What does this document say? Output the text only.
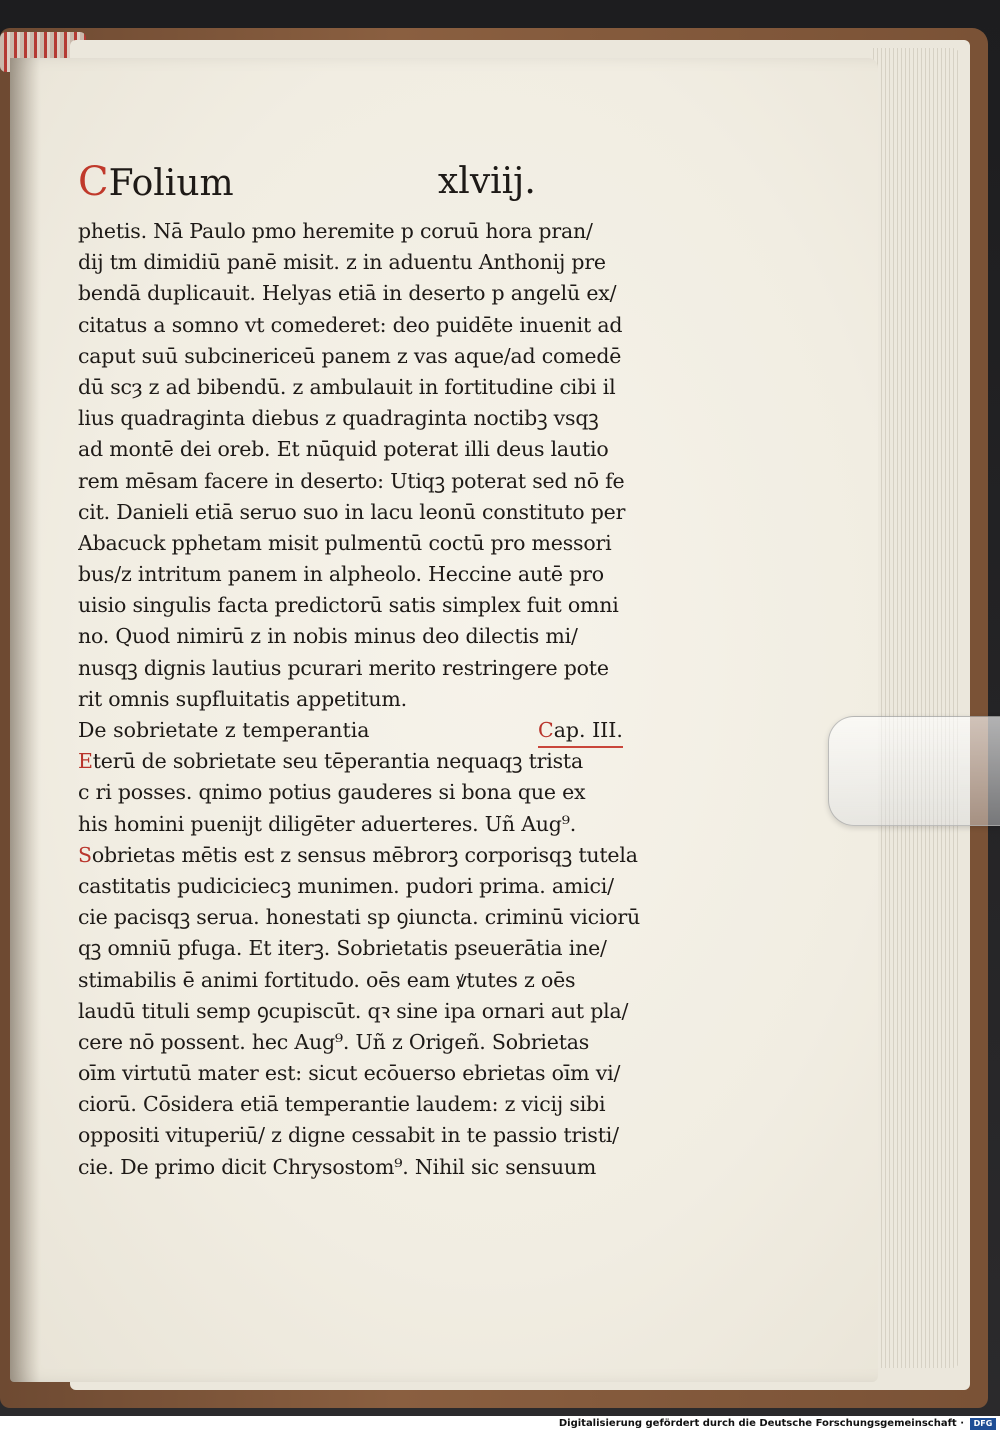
CFolium	xlviij.
phetis. Nā Paulo pmo heremite p coruū hora pran/
dij tm dimidiū panē misit. z in aduentu Anthonij pre
bendā duplicauit. Helyas etiā in deserto p angelū ex/
citatus a somno vt comederet: deo puidēte inuenit ad
caput suū subcinericeū panem z vas aque/ad comedē
dū scȝ z ad bibendū. z ambulauit in fortitudine cibi il
lius quadraginta diebus z quadraginta noctibꝫ vsqꝫ
ad montē dei oreb. Et nūquid poterat illi deus lautio
rem mēsam facere in deserto: Utiqꝫ poterat sed nō fe
cit. Danieli etiā seruo suo in lacu leonū constituto per
Abacuck pphetam misit pulmentū coctū pro messori
bus/z intritum panem in alpheolo. Heccine autē pro
uisio singulis facta predictorū satis simplex fuit omni
no. Quod nimirū z in nobis minus deo dilectis mi/
nusqꝫ dignis lautius pcurari merito restringere pote
rit omnis supfluitatis appetitum.
De sobrietate z temperantia	Cap. III.
Eterū de sobrietate seu tēperantia nequaqꝫ trista
c ri posses. qnimo potius gauderes si bona que ex
his homini puenijt diligēter aduerteres. Uñ Aug⁹.
Sobrietas mētis est z sensus mēbrorꝫ corporisqꝫ tutela
castitatis pudiciciecꝫ munimen. pudori prima. amici/
cie pacisqꝫ serua. honestati sp ꝯiuncta. criminū viciorū
qꝫ omniū pfuga. Et iterꝫ. Sobrietatis pseuerātia ine/
stimabilis ē animi fortitudo. oēs eam ꝟtutes z oēs
laudū tituli semp ꝯcupiscūt. qꝛ sine ipa ornari aut pla/
cere nō possent. hec Aug⁹. Uñ z Origeñ. Sobrietas
oīm virtutū mater est: sicut ecōuerso ebrietas oīm vi/
ciorū. Cōsidera etiā temperantie laudem: z vicij sibi
oppositi vituperiū/ z digne cessabit in te passio tristi/
cie. De primo dicit Chrysostom⁹. Nihil sic sensuum
Digitalisierung gefördert durch die Deutsche Forschungsgemeinschaft ·	DFG
